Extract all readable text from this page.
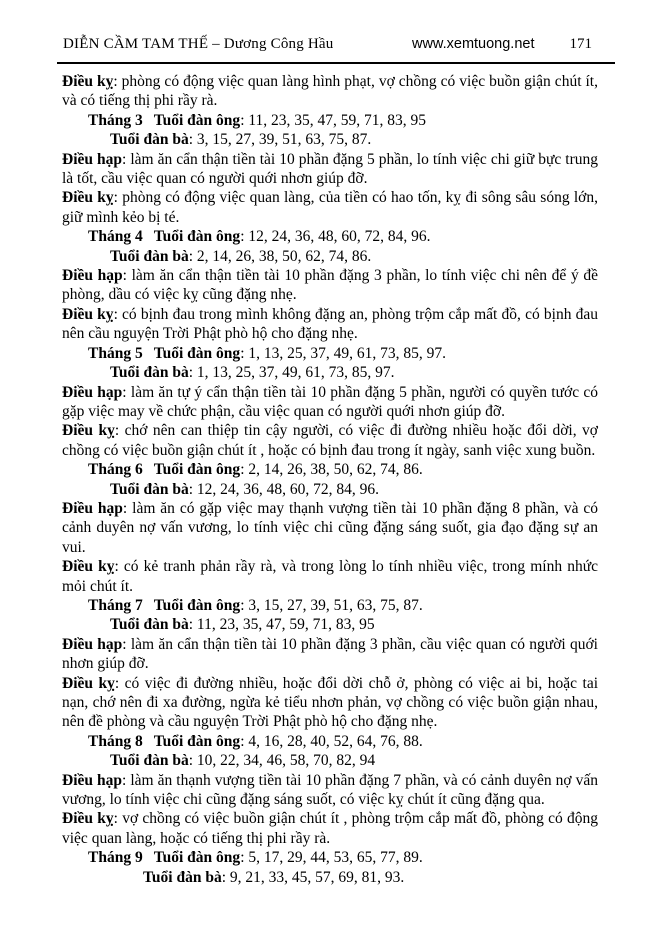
DIỄN CẦM TAM THẾ – Dương Công Hầu	www.xemtuong.net 171

Điều kỵ: phòng có động việc quan làng hình phạt, vợ chồng có việc buồn giận chút ít, và có tiếng thị phi rầy rà.

Tháng 3 Tuổi đàn ông: 11, 23, 35, 47, 59, 71, 83, 95

Tuổi đàn bà: 3, 15, 27, 39, 51, 63, 75, 87.

Điều hạp: làm ăn cẩn thận tiền tài 10 phần đặng 5 phần, lo tính việc chi giữ bực trung là tốt, cầu việc quan có người quới nhơn giúp đỡ.

Điều kỵ: phòng có động việc quan làng, của tiền có hao tốn, kỵ đi sông sâu sóng lớn, giữ mình kẻo bị té.

Tháng 4 Tuổi đàn ông: 12, 24, 36, 48, 60, 72, 84, 96.

Tuổi đàn bà: 2, 14, 26, 38, 50, 62, 74, 86.

Điều hạp: làm ăn cẩn thận tiền tài 10 phần đặng 3 phần, lo tính việc chi nên để ý đề phòng, dầu có việc kỵ cũng đặng nhẹ.

Điều kỵ: có bịnh đau trong mình không đặng an, phòng trộm cắp mất đồ, có bịnh đau nên cầu nguyện Trời Phật phò hộ cho đặng nhẹ.

Tháng 5 Tuổi đàn ông: 1, 13, 25, 37, 49, 61, 73, 85, 97.

Tuổi đàn bà: 1, 13, 25, 37, 49, 61, 73, 85, 97.

Điều hạp: làm ăn tự ý cẩn thận tiền tài 10 phần đặng 5 phần, người có quyền tước có gặp việc may về chức phận, cầu việc quan có người quới nhơn giúp đỡ.

Điều kỵ: chớ nên can thiệp tin cậy người, có việc đi đường nhiều hoặc đổi dời, vợ chồng có việc buồn giận chút ít , hoặc có bịnh đau trong ít ngày, sanh việc xung buồn.

Tháng 6 Tuổi đàn ông: 2, 14, 26, 38, 50, 62, 74, 86.

Tuổi đàn bà: 12, 24, 36, 48, 60, 72, 84, 96.

Điều hạp: làm ăn có gặp việc may thạnh vượng tiền tài 10 phần đặng 8 phần, và có cảnh duyên nợ vấn vương, lo tính việc chi cũng đặng sáng suốt, gia đạo đặng sự an vui.

Điều kỵ: có kẻ tranh phản rầy rà, và trong lòng lo tính nhiều việc, trong mính nhức mỏi chút ít.

Tháng 7 Tuổi đàn ông: 3, 15, 27, 39, 51, 63, 75, 87.

Tuổi đàn bà: 11, 23, 35, 47, 59, 71, 83, 95

Điều hạp: làm ăn cẩn thận tiền tài 10 phần đặng 3 phần, cầu việc quan có người quới nhơn giúp đỡ.

Điều kỵ: có việc đi đường nhiều, hoặc đổi dời chỗ ở, phòng có việc ai bi, hoặc tai nạn, chớ nên đi xa đường, ngừa kẻ tiểu nhơn phản, vợ chồng có việc buồn giận nhau, nên đề phòng và cầu nguyện Trời Phật phò hộ cho đặng nhẹ.

Tháng 8 Tuổi đàn ông: 4, 16, 28, 40, 52, 64, 76, 88.

Tuổi đàn bà: 10, 22, 34, 46, 58, 70, 82, 94

Điều hạp: làm ăn thạnh vượng tiền tài 10 phần đặng 7 phần, và có cảnh duyên nợ vấn vương, lo tính việc chi cũng đặng sáng suốt, có việc kỵ chút ít cũng đặng qua.

Điều kỵ: vợ chồng có việc buồn giận chút ít , phòng trộm cắp mất đồ, phòng có động việc quan làng, hoặc có tiếng thị phi rầy rà.

Tháng 9 Tuổi đàn ông: 5, 17, 29, 44, 53, 65, 77, 89.

Tuổi đàn bà: 9, 21, 33, 45, 57, 69, 81, 93.
